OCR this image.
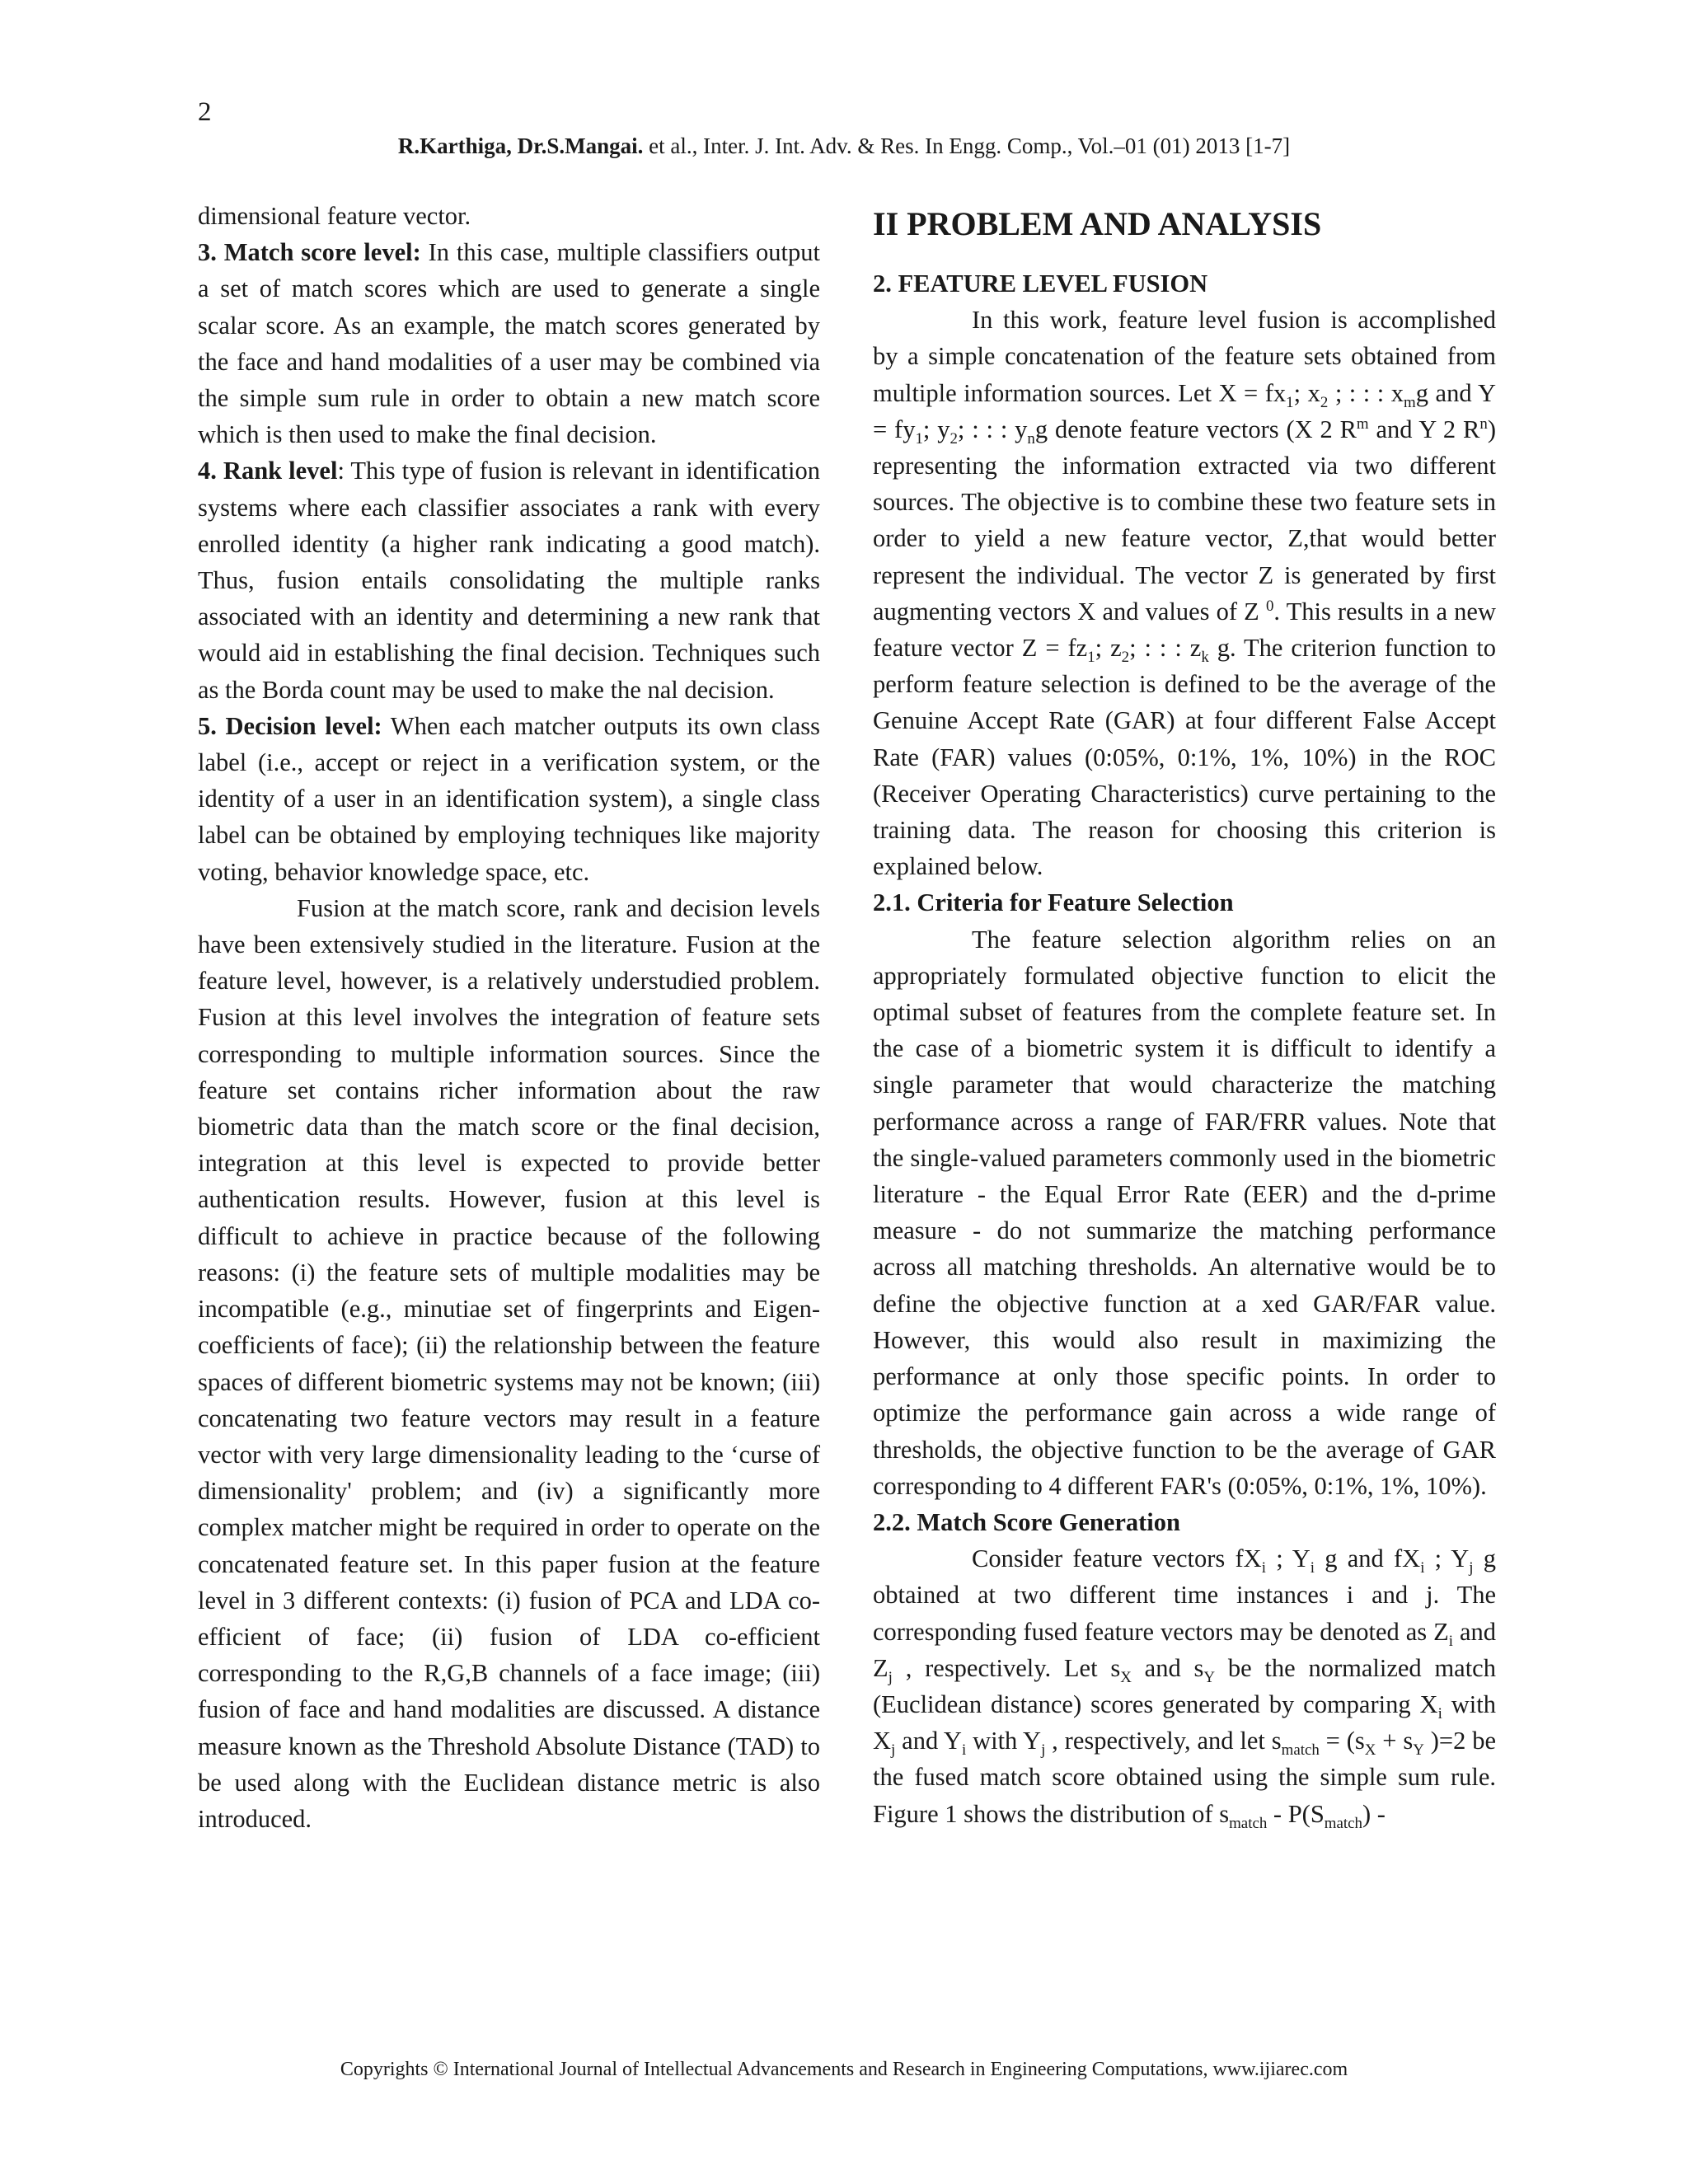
2
R.Karthiga, Dr.S.Mangai. et al., Inter. J. Int. Adv. & Res. In Engg. Comp., Vol.–01 (01) 2013 [1-7]

dimensional feature vector.

3. Match score level: In this case, multiple classifiers output a set of match scores which are used to generate a single scalar score. As an example, the match scores generated by the face and hand modalities of a user may be combined via the simple sum rule in order to obtain a new match score which is then used to make the final decision.

4. Rank level: This type of fusion is relevant in identification systems where each classifier associates a rank with every enrolled identity (a higher rank indicating a good match). Thus, fusion entails consolidating the multiple ranks associated with an identity and determining a new rank that would aid in establishing the final decision. Techniques such as the Borda count may be used to make the nal decision.

5. Decision level: When each matcher outputs its own class label (i.e., accept or reject in a verification system, or the identity of a user in an identification system), a single class label can be obtained by employing techniques like majority voting, behavior knowledge space, etc.

Fusion at the match score, rank and decision levels have been extensively studied in the literature. Fusion at the feature level, however, is a relatively understudied problem. Fusion at this level involves the integration of feature sets corresponding to multiple information sources. Since the feature set contains richer information about the raw biometric data than the match score or the final decision, integration at this level is expected to provide better authentication results. However, fusion at this level is difficult to achieve in practice because of the following reasons: (i) the feature sets of multiple modalities may be incompatible (e.g., minutiae set of fingerprints and Eigen-coefficients of face); (ii) the relationship between the feature spaces of different biometric systems may not be known; (iii) concatenating two feature vectors may result in a feature vector with very large dimensionality leading to the ‘curse of dimensionality' problem; and (iv) a significantly more complex matcher might be required in order to operate on the concatenated feature set. In this paper fusion at the feature level in 3 different contexts: (i) fusion of PCA and LDA co-efficient of face; (ii) fusion of LDA co-efficient corresponding to the R,G,B channels of a face image; (iii) fusion of face and hand modalities are discussed. A distance measure known as the Threshold Absolute Distance (TAD) to be used along with the Euclidean distance metric is also introduced.

II PROBLEM AND ANALYSIS

2. FEATURE LEVEL FUSION

In this work, feature level fusion is accomplished by a simple concatenation of the feature sets obtained from multiple information sources. Let $X = fx_1$; $x_2$ ; : : : $x_mg$ and $Y = fy_1$; $y_2$; : : : $y_ng$ denote feature vectors (X 2 $R^m$ and Y 2 $R^n$) representing the information extracted via two different sources. The objective is to combine these two feature sets in order to yield a new feature vector, Z,that would better represent the individual. The vector Z is generated by first augmenting vectors X and values of Z $^0$. This results in a new feature vector $Z = fz_1$; $z_2$; : : : $z_k$ g. The criterion function to perform feature selection is defined to be the average of the Genuine Accept Rate (GAR) at four different False Accept Rate (FAR) values (0:05%, 0:1%, 1%, 10%) in the ROC (Receiver Operating Characteristics) curve pertaining to the training data. The reason for choosing this criterion is explained below.

2.1. Criteria for Feature Selection

The feature selection algorithm relies on an appropriately formulated objective function to elicit the optimal subset of features from the complete feature set. In the case of a biometric system it is difficult to identify a single parameter that would characterize the matching performance across a range of FAR/FRR values. Note that the single-valued parameters commonly used in the biometric literature - the Equal Error Rate (EER) and the d-prime measure - do not summarize the matching performance across all matching thresholds. An alternative would be to define the objective function at a xed GAR/FAR value. However, this would also result in maximizing the performance at only those specific points. In order to optimize the performance gain across a wide range of thresholds, the objective function to be the average of GAR corresponding to 4 different FAR's (0:05%, 0:1%, 1%, 10%).

2.2. Match Score Generation

Consider feature vectors $fX_i$ ; $Y_i$ g and $fX_i$ ; $Y_j$ g obtained at two different time instances i and j. The corresponding fused feature vectors may be denoted as $Z_i$ and $Z_j$ , respectively. Let $s_X$ and $s_Y$ be the normalized match (Euclidean distance) scores generated by comparing $X_i$ with $X_j$ and $Y_i$ with $Y_j$ , respectively, and let $s_{match} = (s_X + s_Y$ )=2 be the fused match score obtained using the simple sum rule. Figure 1 shows the distribution of $s_{match} - P(S_{match})$ -

Copyrights © International Journal of Intellectual Advancements and Research in Engineering Computations, www.ijiarec.com
